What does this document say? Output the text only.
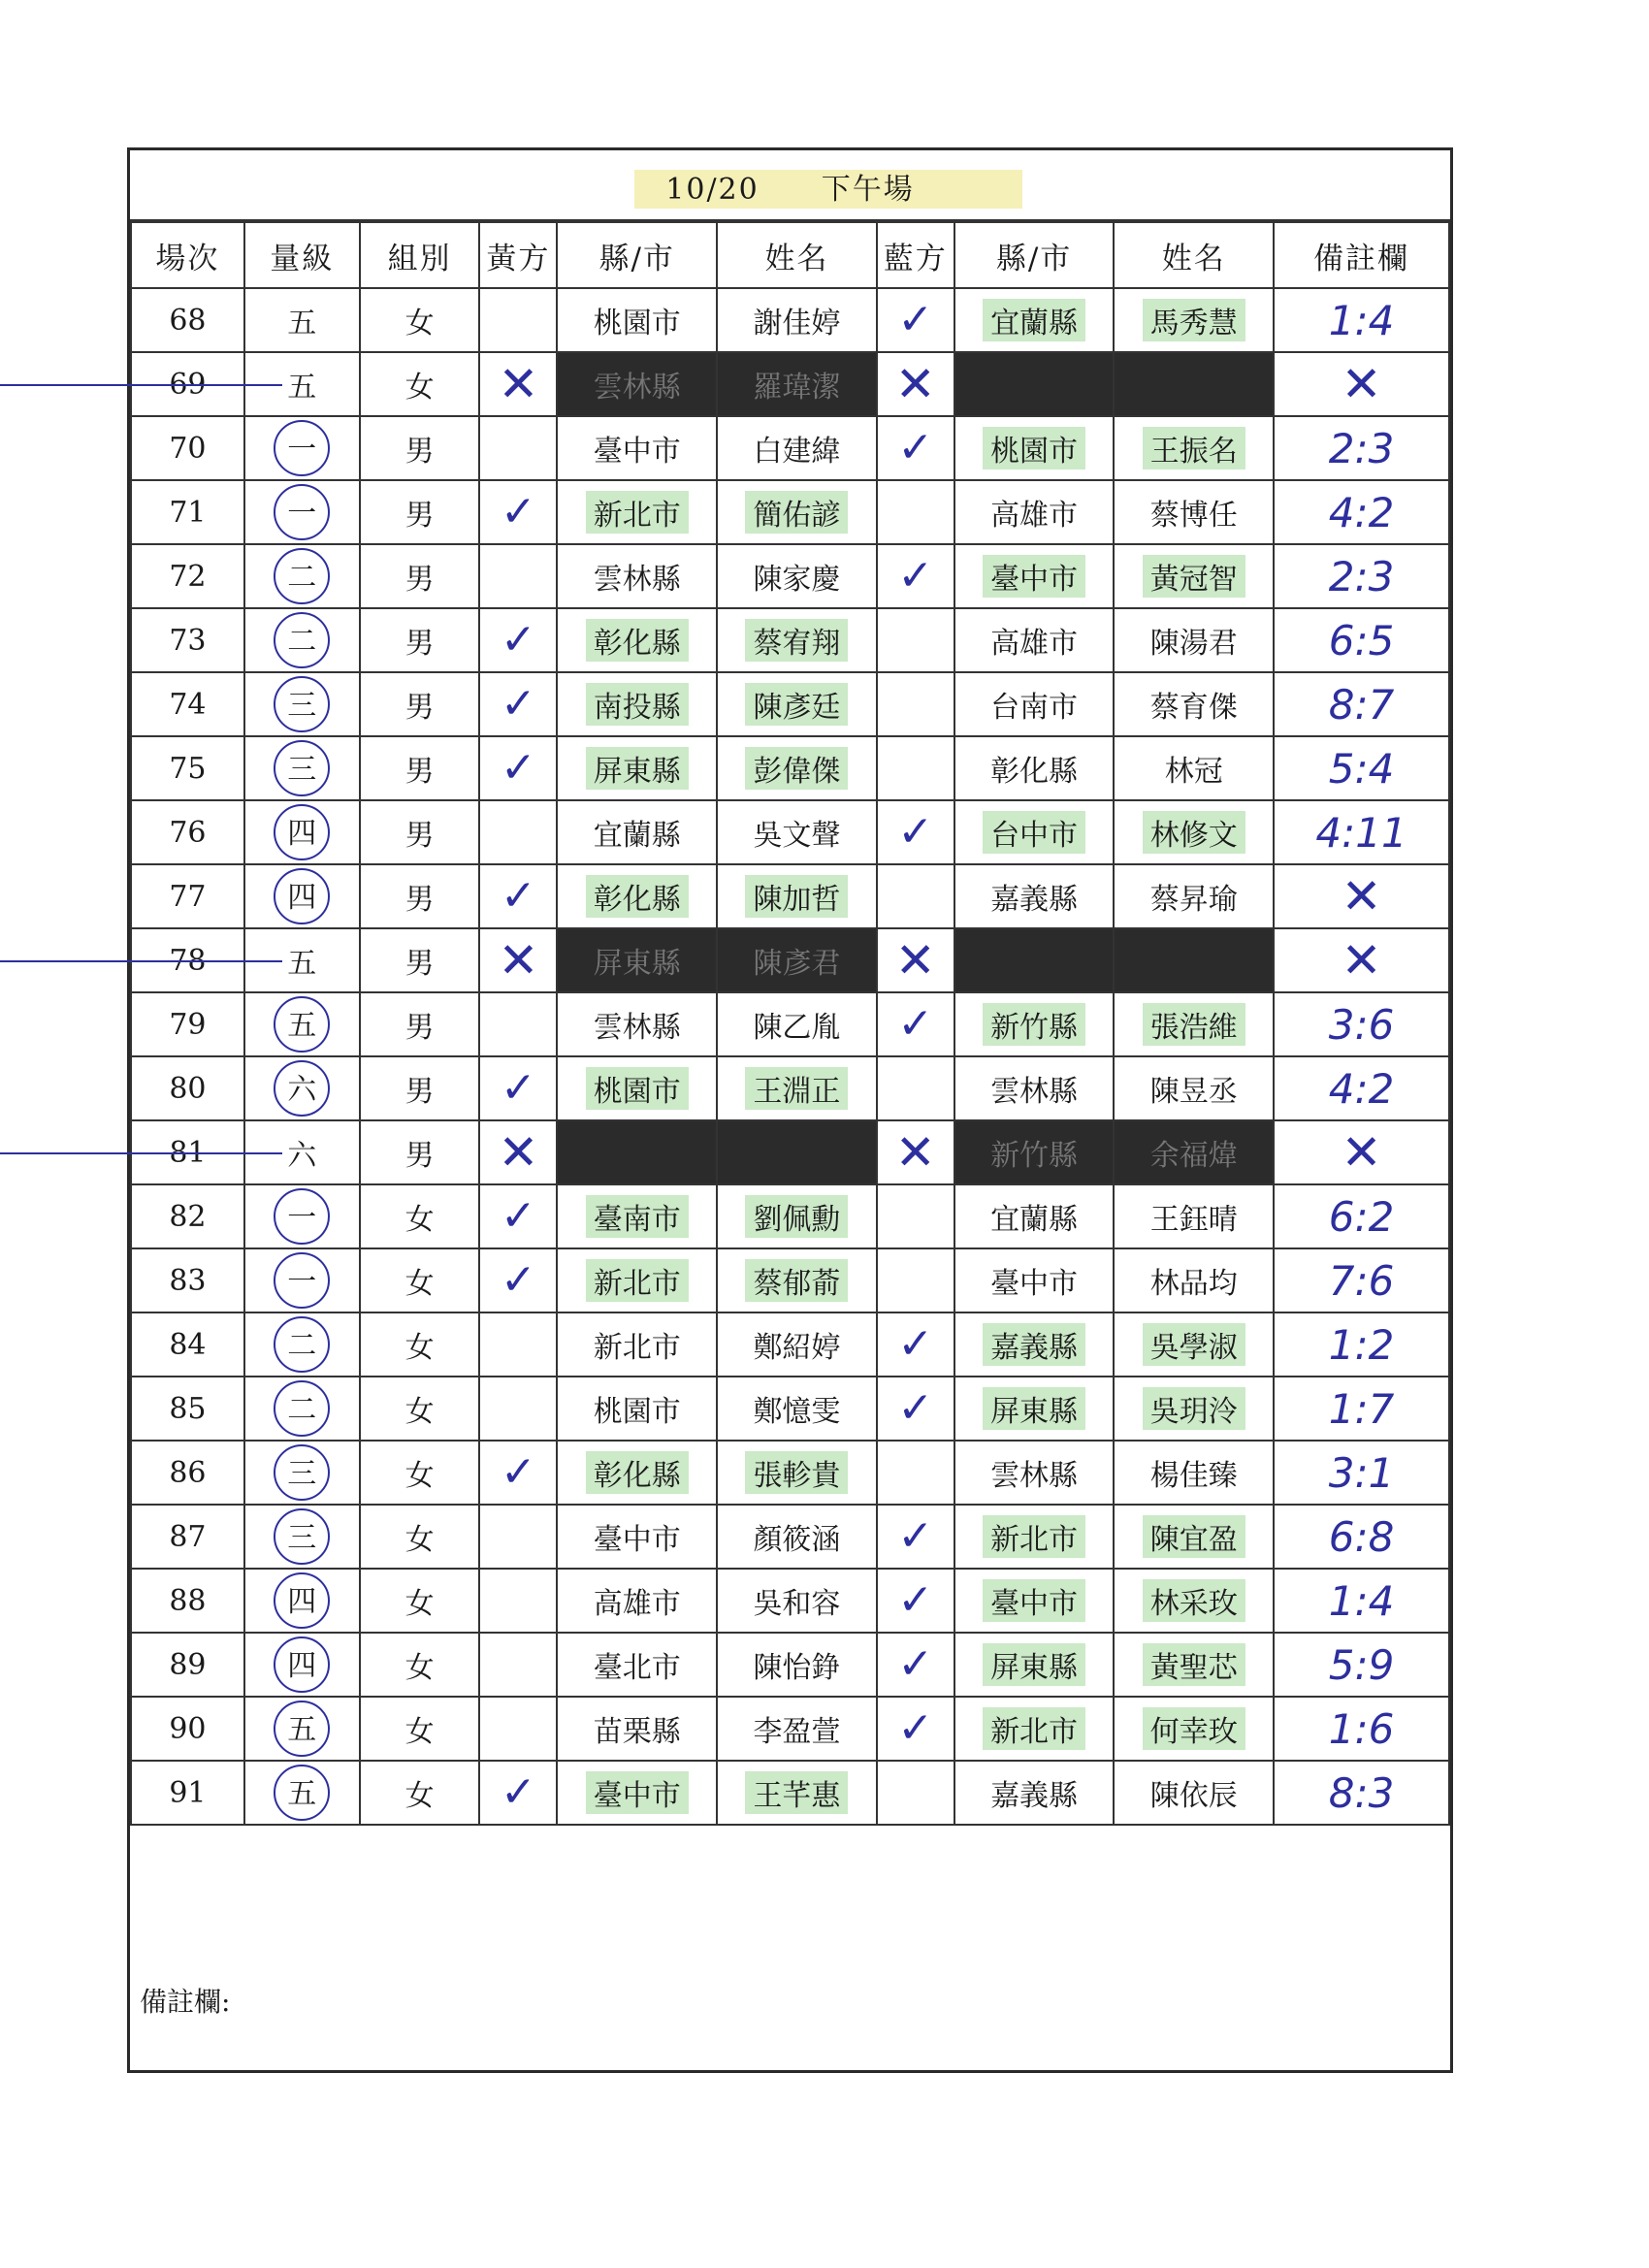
10/20　　下午場
場次	量級	組別	黃方	縣/市	姓名	藍方	縣/市	姓名	備註欄
68	五	女		桃園市	謝佳婷	✓	宜蘭縣	馬秀慧	1:4
69	五	女	✕	雲林縣	羅瑋潔	✕			✕
70	一	男		臺中市	白建緯	✓	桃園市	王振名	2:3
71	一	男	✓	新北市	簡佑諺		高雄市	蔡博任	4:2
72	二	男		雲林縣	陳家慶	✓	臺中市	黃冠智	2:3
73	二	男	✓	彰化縣	蔡宥翔		高雄市	陳湯君	6:5
74	三	男	✓	南投縣	陳彥廷		台南市	蔡育傑	8:7
75	三	男	✓	屏東縣	彭偉傑		彰化縣	林冠	5:4
76	四	男		宜蘭縣	吳文聲	✓	台中市	林修文	4:11
77	四	男	✓	彰化縣	陳加哲		嘉義縣	蔡昇瑜	✕
78	五	男	✕	屏東縣	陳彥君	✕			✕
79	五	男		雲林縣	陳乙胤	✓	新竹縣	張浩維	3:6
80	六	男	✓	桃園市	王淵正		雲林縣	陳昱丞	4:2
81	六	男	✕			✕	新竹縣	余福煒	✕
82	一	女	✓	臺南市	劉佩勳		宜蘭縣	王鈺晴	6:2
83	一	女	✓	新北市	蔡郁萮		臺中市	林品均	7:6
84	二	女		新北市	鄭紹婷	✓	嘉義縣	吳學淑	1:2
85	二	女		桃園市	鄭憶雯	✓	屏東縣	吳玥泠	1:7
86	三	女	✓	彰化縣	張軫貴		雲林縣	楊佳臻	3:1
87	三	女		臺中市	顏筱涵	✓	新北市	陳宜盈	6:8
88	四	女		高雄市	吳和容	✓	臺中市	林采玫	1:4
89	四	女		臺北市	陳怡錚	✓	屏東縣	黃聖芯	5:9
90	五	女		苗栗縣	李盈萱	✓	新北市	何幸玫	1:6
91	五	女	✓	臺中市	王芊惠		嘉義縣	陳依辰	8:3
備註欄:
